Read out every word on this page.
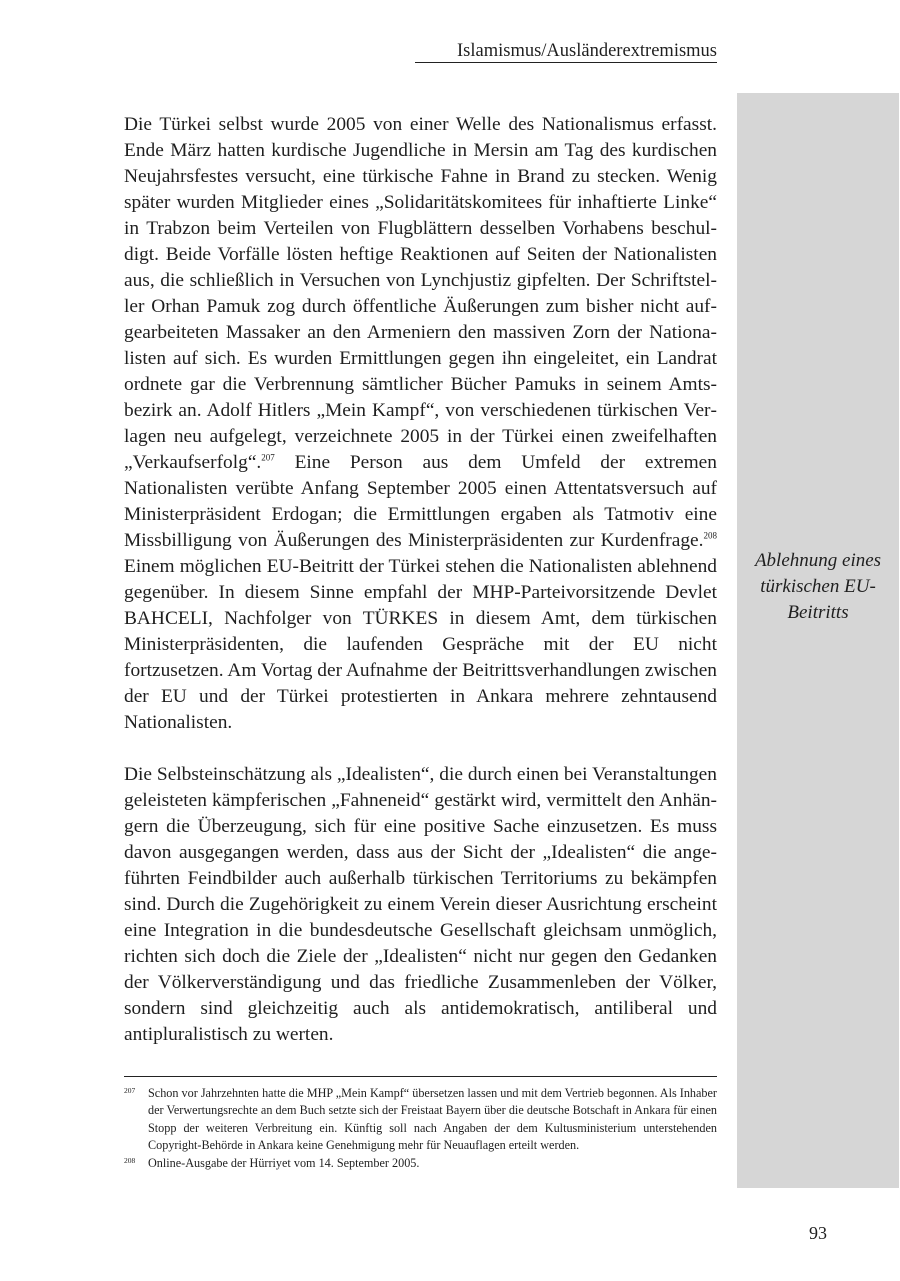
Islamismus/Ausländerextremismus
Ablehnung eines türkischen EU-Beitritts

Die Türkei selbst wurde 2005 von einer Welle des Nationalismus erfasst. Ende März hatten kurdische Jugendliche in Mersin am Tag des kurdischen Neujahrsfestes versucht, eine türkische Fahne in Brand zu stecken. Wenig später wurden Mitglieder eines „Solidaritätskomitees für inhaftierte Linke“ in Trabzon beim Verteilen von Flugblättern desselben Vorhabens beschuldigt. Beide Vorfälle lösten heftige Reaktionen auf Seiten der Nationalisten aus, die schließlich in Versuchen von Lynchjustiz gipfelten. Der Schriftsteller Orhan Pamuk zog durch öffentliche Äußerungen zum bisher nicht aufgearbeiteten Massaker an den Armeniern den massiven Zorn der Nationalisten auf sich. Es wurden Ermittlungen gegen ihn eingeleitet, ein Landrat ordnete gar die Verbrennung sämtlicher Bücher Pamuks in seinem Amtsbezirk an. Adolf Hitlers „Mein Kampf“, von verschiedenen türkischen Verlagen neu aufgelegt, verzeichnete 2005 in der Türkei einen zweifelhaften „Verkaufserfolg“.$^{207}$ Eine Person aus dem Umfeld der extremen Nationalisten verübte Anfang September 2005 einen Attentatsversuch auf Ministerpräsident Erdogan; die Ermittlungen ergaben als Tatmotiv eine Missbilligung von Äußerungen des Ministerpräsidenten zur Kurdenfrage.$^{208}$ Einem möglichen EU-Beitritt der Türkei stehen die Nationalisten ablehnend gegenüber. In diesem Sinne empfahl der MHP-Parteivorsitzende Devlet BAHCELI, Nachfolger von TÜRKES in diesem Amt, dem türkischen Ministerpräsidenten, die laufenden Gespräche mit der EU nicht fortzusetzen. Am Vortag der Aufnahme der Beitrittsverhandlungen zwischen der EU und der Türkei protestierten in Ankara mehrere zehntausend Nationalisten.

Die Selbsteinschätzung als „Idealisten“, die durch einen bei Veranstaltungen geleisteten kämpferischen „Fahneneid“ gestärkt wird, vermittelt den Anhängern die Überzeugung, sich für eine positive Sache einzusetzen. Es muss davon ausgegangen werden, dass aus der Sicht der „Idealisten“ die angeführten Feindbilder auch außerhalb türkischen Territoriums zu bekämpfen sind. Durch die Zugehörigkeit zu einem Verein dieser Ausrichtung erscheint eine Integration in die bundesdeutsche Gesellschaft gleichsam unmöglich, richten sich doch die Ziele der „Idealisten“ nicht nur gegen den Gedanken der Völkerverständigung und das friedliche Zusammenleben der Völker, sondern sind gleichzeitig auch als antidemokratisch, antiliberal und antipluralistisch zu werten.

207 Schon vor Jahrzehnten hatte die MHP „Mein Kampf“ übersetzen lassen und mit dem Vertrieb begonnen. Als Inhaber der Verwertungsrechte an dem Buch setzte sich der Freistaat Bayern über die deutsche Botschaft in Ankara für einen Stopp der weiteren Verbreitung ein. Künftig soll nach Angaben der dem Kultusministerium unterstehenden Copyright-Behörde in Ankara keine Genehmigung mehr für Neuauflagen erteilt werden.
208 Online-Ausgabe der Hürriyet vom 14. September 2005.
93
